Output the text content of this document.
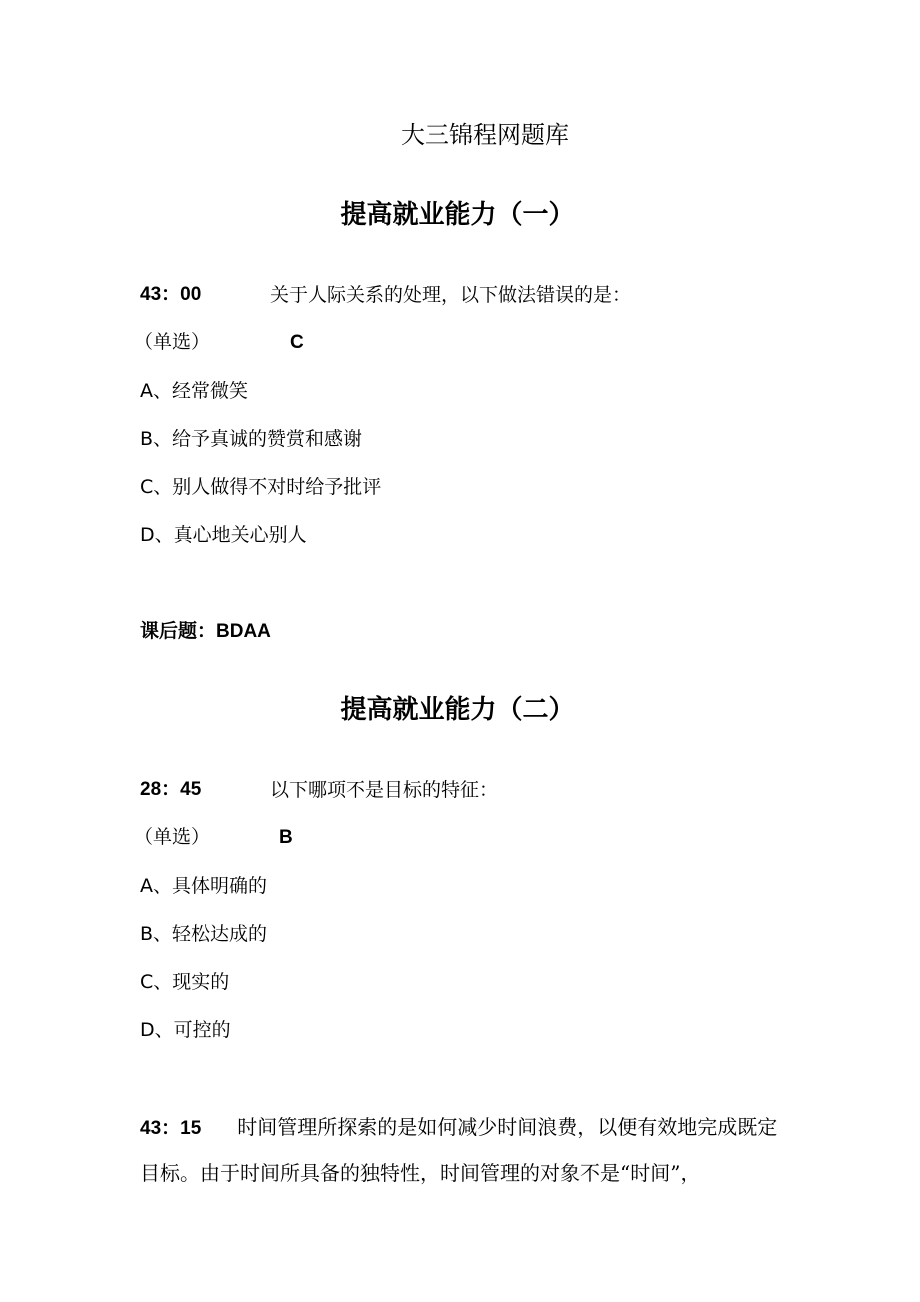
大三锦程网题库
提高就业能力（一）
43：00	关于人际关系的处理，以下做法错误的是：
（单选）	C
A、经常微笑
B、给予真诚的赞赏和感谢
C、别人做得不对时给予批评
D、真心地关心别人
课后题：BDAA
提高就业能力（二）
28：45	以下哪项不是目标的特征：
（单选）	B
A、具体明确的
B、轻松达成的
C、现实的
D、可控的
43：15 时间管理所探索的是如何减少时间浪费，以便有效地完成既定目标。由于时间所具备的独特性，时间管理的对象不是“时间”，
